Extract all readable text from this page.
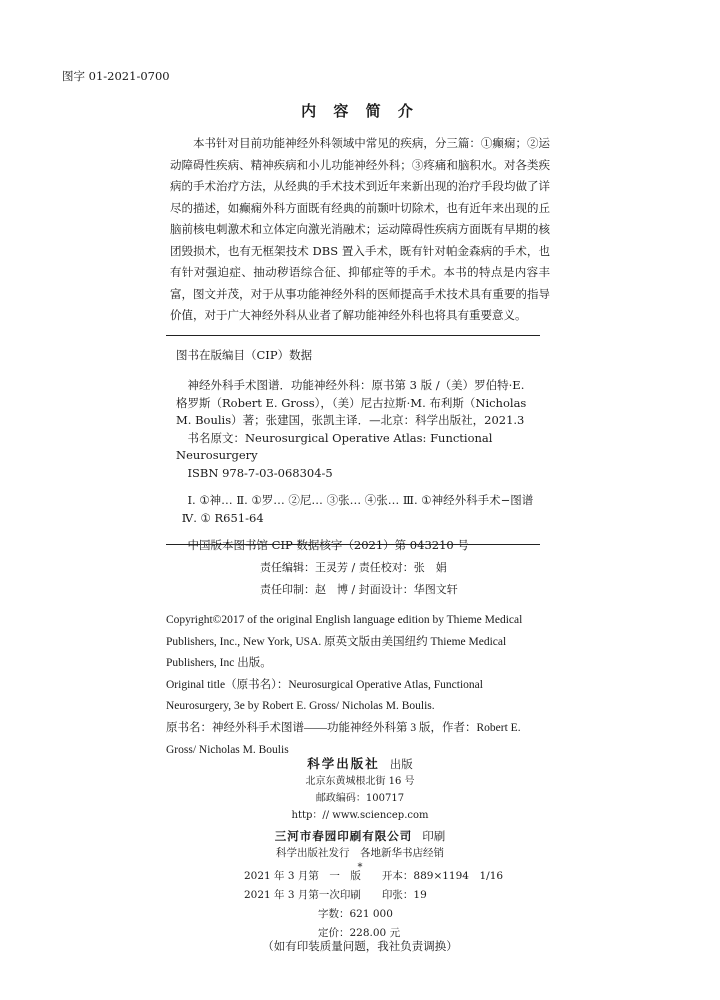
图字 01-2021-0700
内 容 简 介

本书针对目前功能神经外科领域中常见的疾病，分三篇：①癫痫；②运动障碍性疾病、精神疾病和小儿功能神经外科；③疼痛和脑积水。对各类疾病的手术治疗方法，从经典的手术技术到近年来新出现的治疗手段均做了详尽的描述，如癫痫外科方面既有经典的前颞叶切除术，也有近年来出现的丘脑前核电刺激术和立体定向激光消融术；运动障碍性疾病方面既有早期的核团毁损术，也有无框架技术 DBS 置入手术，既有针对帕金森病的手术，也有针对强迫症、抽动秽语综合征、抑郁症等的手术。本书的特点是内容丰富，图文并茂，对于从事功能神经外科的医师提高手术技术具有重要的指导价值，对于广大神经外科从业者了解功能神经外科也将具有重要意义。

图书在版编目（CIP）数据

神经外科手术图谱．功能神经外科：原书第 3 版 /（美）罗伯特·E. 格罗斯（Robert E. Gross），（美）尼古拉斯·M. 布利斯（Nicholas M. Boulis）著；张建国，张凯主译．—北京：科学出版社，2021.3

书名原文：Neurosurgical Operative Atlas: Functional Neurosurgery

ISBN 978-7-03-068304-5

Ⅰ. ①神… Ⅱ. ①罗… ②尼… ③张… ④张… Ⅲ. ①神经外科手术−图谱

Ⅳ. ① R651-64

中国版本图书馆 CIP 数据核字（2021）第 043210 号

责任编辑：王灵芳 / 责任校对：张　娟
责任印制：赵　博 / 封面设计：华图文轩

Copyright©2017 of the original English language edition by Thieme Medical Publishers, Inc., New York, USA. 原英文版由美国纽约 Thieme Medical Publishers, Inc 出版。

Original title（原书名）：Neurosurgical Operative Atlas, Functional Neurosurgery, 3e by Robert E. Gross/ Nicholas M. Boulis.

原书名：神经外科手术图谱——功能神经外科第 3 版，作者：Robert E. Gross/ Nicholas M. Boulis

科学出版社 出版
北京东黄城根北街 16 号
邮政编码：100717
http：// www.sciencep.com
三河市春园印刷有限公司 印刷
科学出版社发行　各地新华书店经销
*
2021 年 3 月第　一　版　　开本：889×1194　1/16
2021 年 3 月第一次印刷　　印张：19
字数：621 000
定价：228.00 元
（如有印装质量问题，我社负责调换）
